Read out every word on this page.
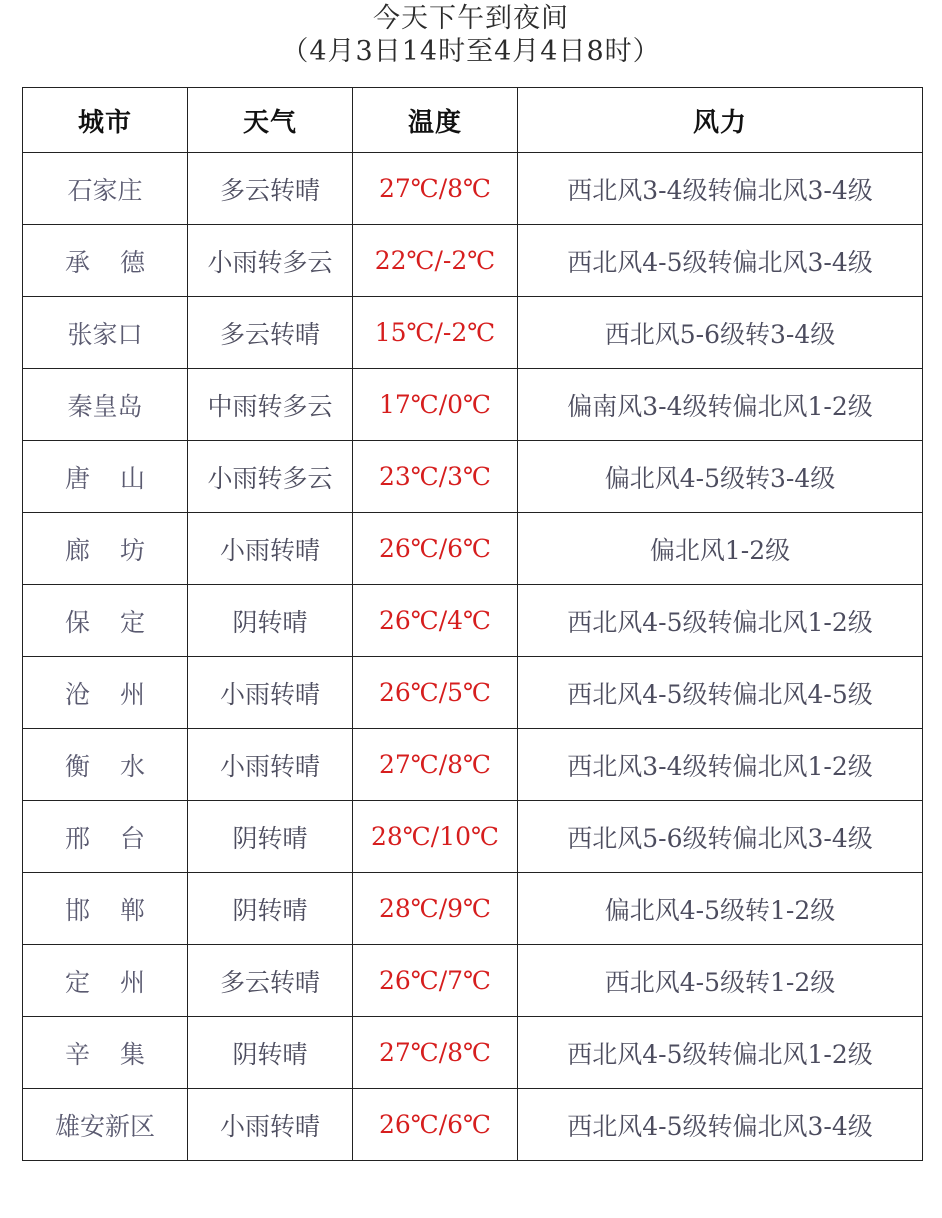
今天下午到夜间
（4月3日14时至4月4日8时）
城市	天气	温度	风力
石家庄	多云转晴	27℃/8℃	西北风3-4级转偏北风3-4级
承德	小雨转多云	22℃/-2℃	西北风4-5级转偏北风3-4级
张家口	多云转晴	15℃/-2℃	西北风5-6级转3-4级
秦皇岛	中雨转多云	17℃/0℃	偏南风3-4级转偏北风1-2级
唐山	小雨转多云	23℃/3℃	偏北风4-5级转3-4级
廊坊	小雨转晴	26℃/6℃	偏北风1-2级
保定	阴转晴	26℃/4℃	西北风4-5级转偏北风1-2级
沧州	小雨转晴	26℃/5℃	西北风4-5级转偏北风4-5级
衡水	小雨转晴	27℃/8℃	西北风3-4级转偏北风1-2级
邢台	阴转晴	28℃/10℃	西北风5-6级转偏北风3-4级
邯郸	阴转晴	28℃/9℃	偏北风4-5级转1-2级
定州	多云转晴	26℃/7℃	西北风4-5级转1-2级
辛集	阴转晴	27℃/8℃	西北风4-5级转偏北风1-2级
雄安新区	小雨转晴	26℃/6℃	西北风4-5级转偏北风3-4级
